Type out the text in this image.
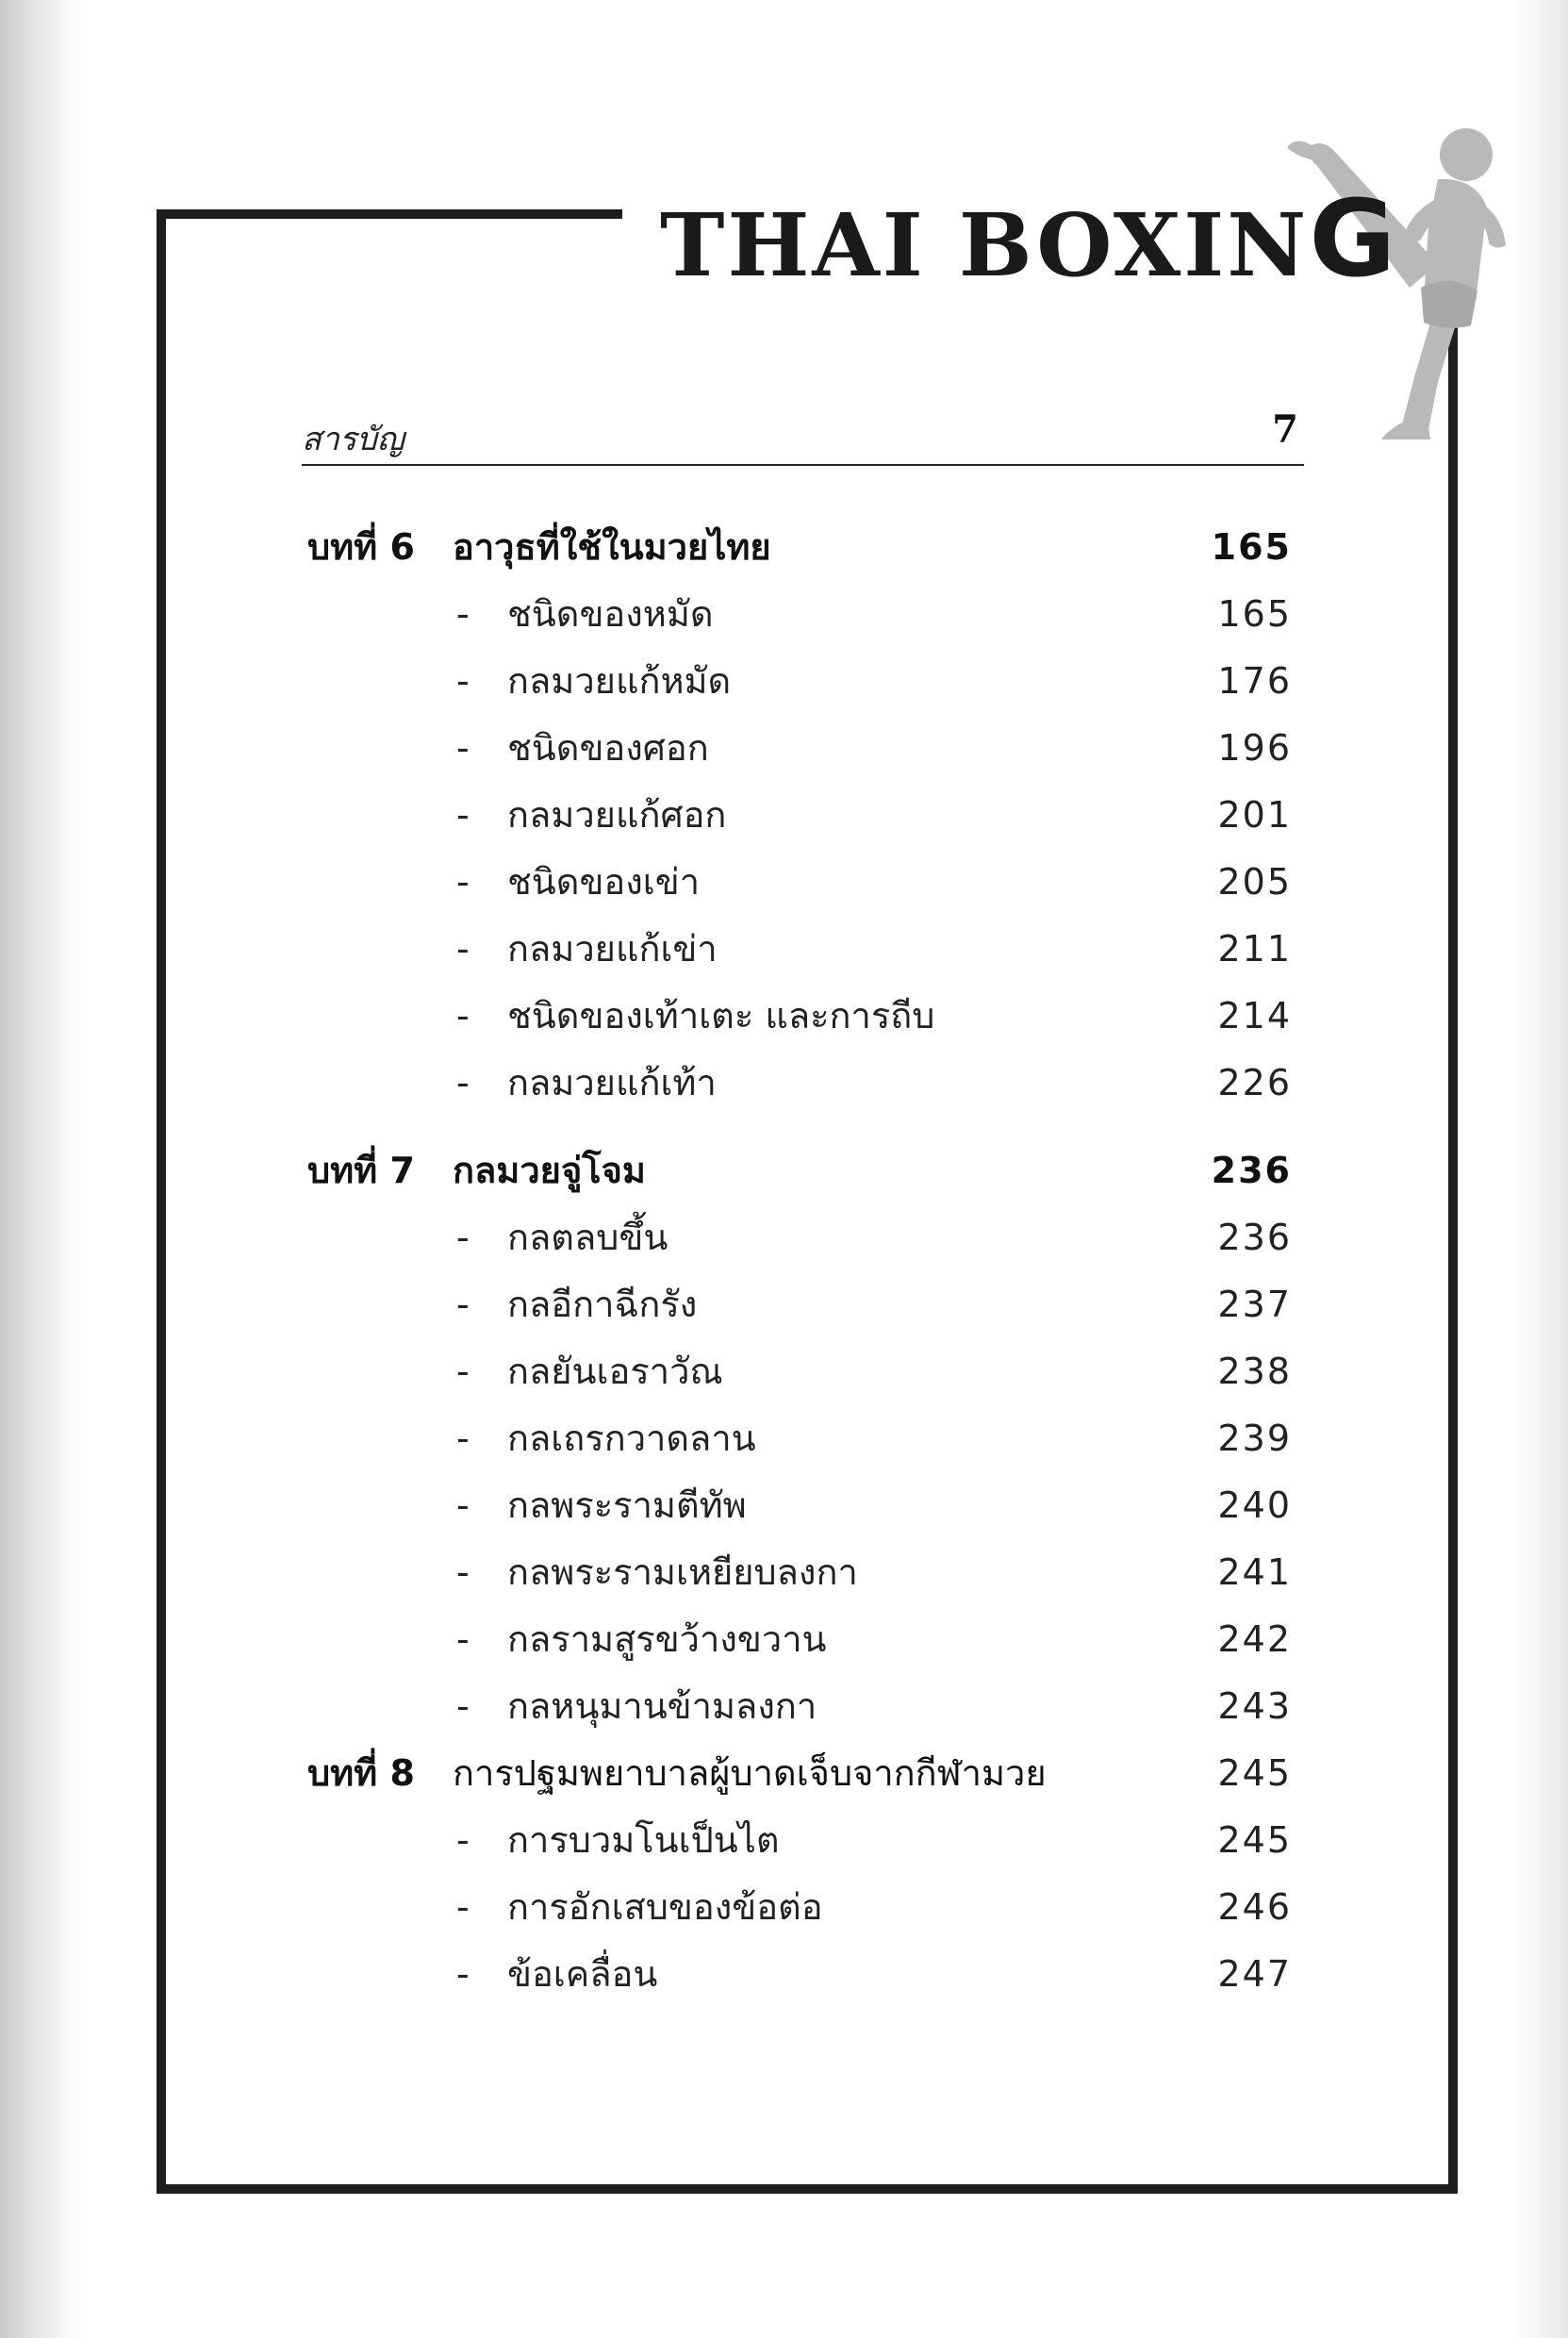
THAI BOXING
สารบัญ	7
บทที่ 6 อาวุธที่ใช้ในมวยไทย	165
- ชนิดของหมัด	165
- กลมวยแก้หมัด	176
- ชนิดของศอก	196
- กลมวยแก้ศอก	201
- ชนิดของเข่า	205
- กลมวยแก้เข่า	211
- ชนิดของเท้าเตะ และการถีบ	214
- กลมวยแก้เท้า	226
บทที่ 7 กลมวยจู่โจม	236
- กลตลบขึ้น	236
- กลอีกาฉีกรัง	237
- กลยันเอราวัณ	238
- กลเถรกวาดลาน	239
- กลพระรามตีทัพ	240
- กลพระรามเหยียบลงกา	241
- กลรามสูรขว้างขวาน	242
- กลหนุมานข้ามลงกา	243
บทที่ 8 การปฐมพยาบาลผู้บาดเจ็บจากกีฬามวย	245
- การบวมโนเป็นไต	245
- การอักเสบของข้อต่อ	246
- ข้อเคลื่อน	247
